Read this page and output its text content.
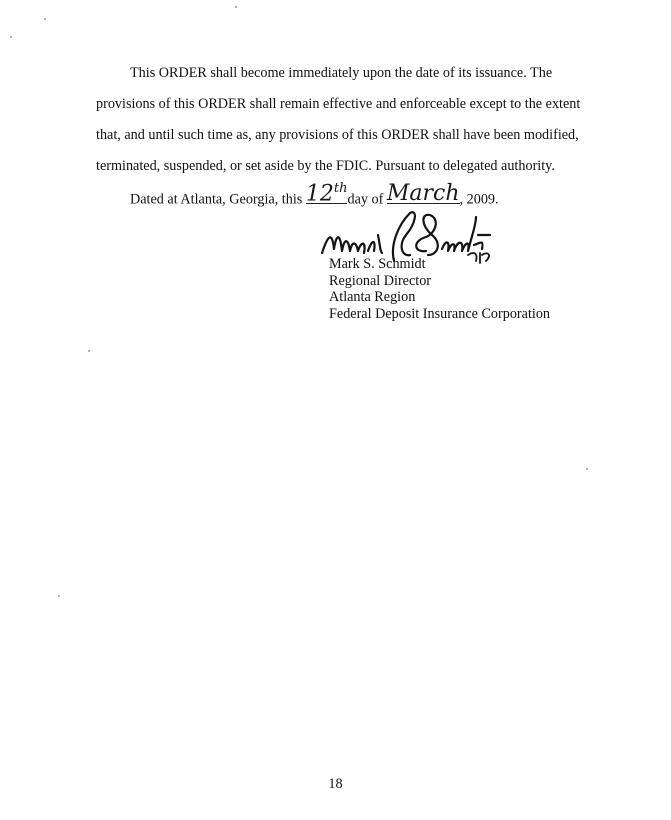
This ORDER shall become immediately upon the date of its issuance. The
provisions of this ORDER shall remain effective and enforceable except to the extent
that, and until such time as, any provisions of this ORDER shall have been modified,
terminated, suspended, or set aside by the FDIC. Pursuant to delegated authority.
Dated at Atlanta, Georgia, this 12thday of March, 2009.
Mark S. Schmidt
Regional Director
Atlanta Region
Federal Deposit Insurance Corporation
18
